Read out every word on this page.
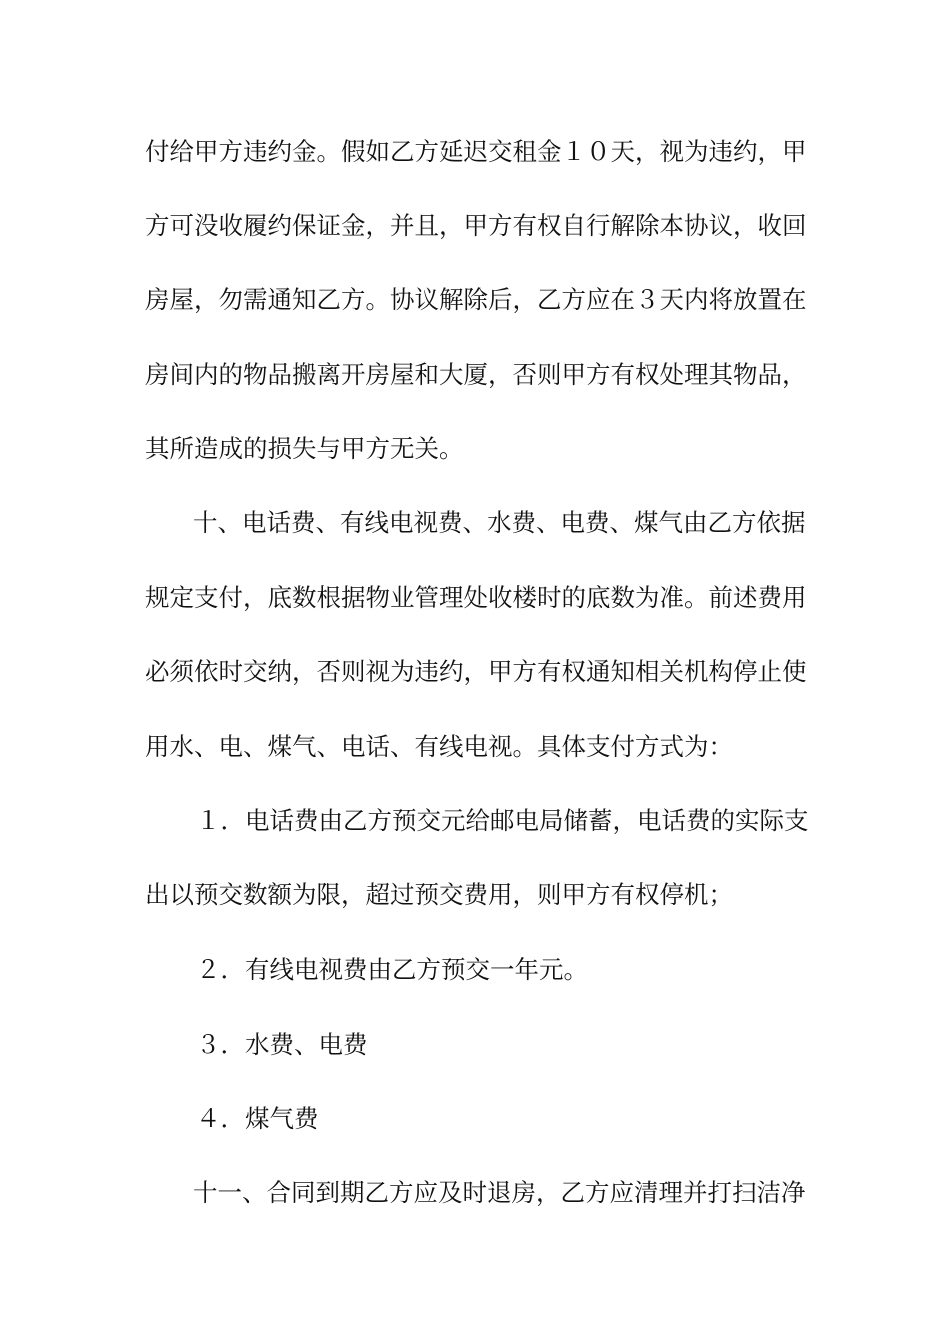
付给甲方违约金。假如乙方延迟交租金１０天，视为违约，甲
方可没收履约保证金，并且，甲方有权自行解除本协议，收回
房屋，勿需通知乙方。协议解除后，乙方应在３天内将放置在
房间内的物品搬离开房屋和大厦，否则甲方有权处理其物品，
其所造成的损失与甲方无关。
十、电话费、有线电视费、水费、电费、煤气由乙方依据
规定支付，底数根据物业管理处收楼时的底数为准。前述费用
必须依时交纳，否则视为违约，甲方有权通知相关机构停止使
用水、电、煤气、电话、有线电视。具体支付方式为：
１．电话费由乙方预交元给邮电局储蓄，电话费的实际支
出以预交数额为限，超过预交费用，则甲方有权停机；
２．有线电视费由乙方预交一年元。
３．水费、电费
４．煤气费
十一、合同到期乙方应及时退房，乙方应清理并打扫洁净
